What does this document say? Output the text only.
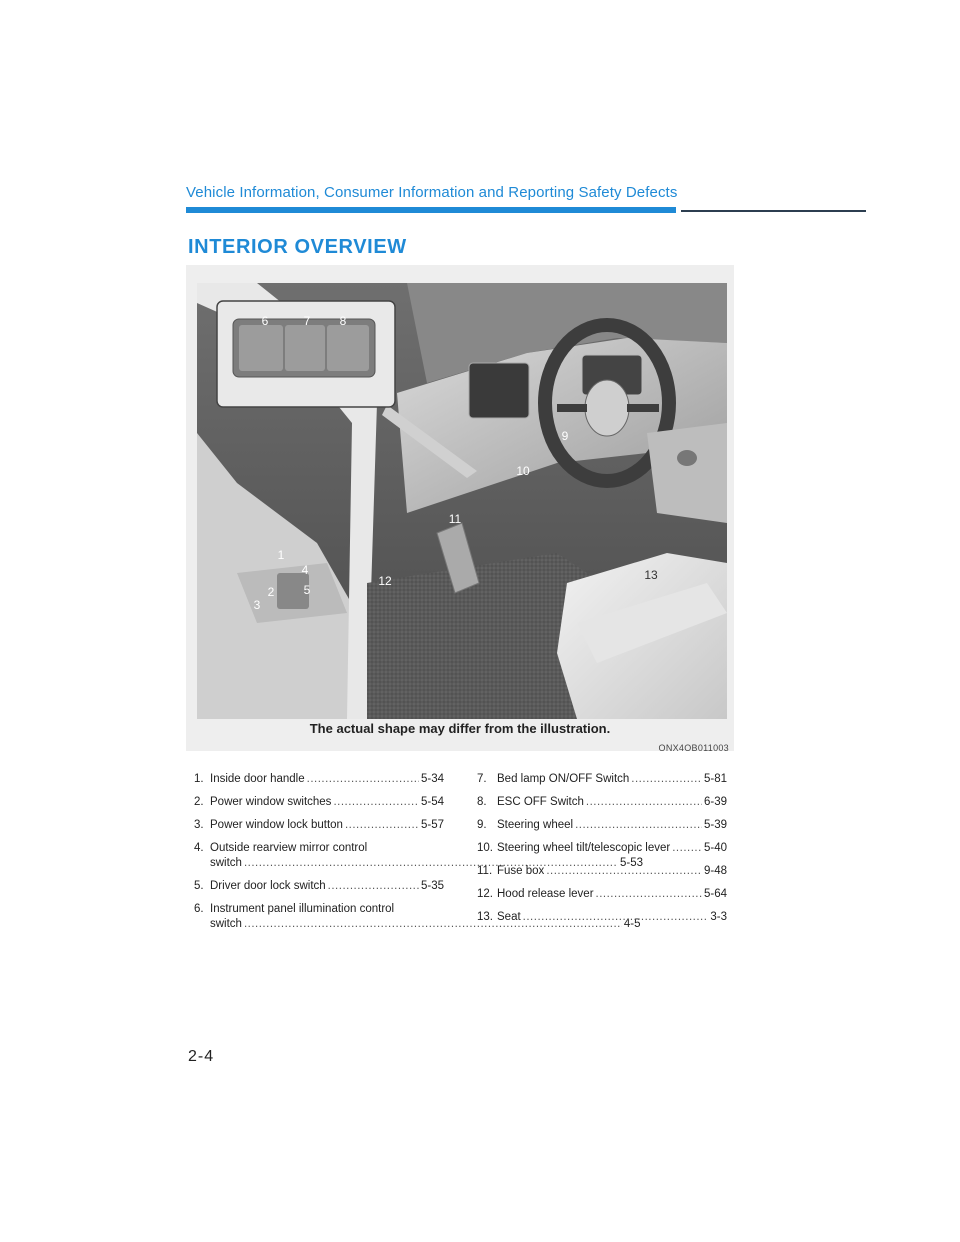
Vehicle Information, Consumer Information and Reporting Safety Defects
INTERIOR OVERVIEW
6	7 8
9
10
11
1
4
2 5
3
12	13
The actual shape may differ from the illustration.
ONX4OB011003
1. Inside door handle .....	5-34
2. Power window switches .....	5-54
3. Power window lock button .....	5-57
4. Outside rearview mirror control
switch .....	5-53
5. Driver door lock switch .....	5-35
6. Instrument panel illumination control
switch .....	4-5
7. Bed lamp ON/OFF Switch .....	5-81
8. ESC OFF Switch .....	6-39
9. Steering wheel .....	5-39
10. Steering wheel tilt/telescopic lever .....	5-40
11. Fuse box .....	9-48
12. Hood release lever .....	5-64
13. Seat .....	3-3
2-4
